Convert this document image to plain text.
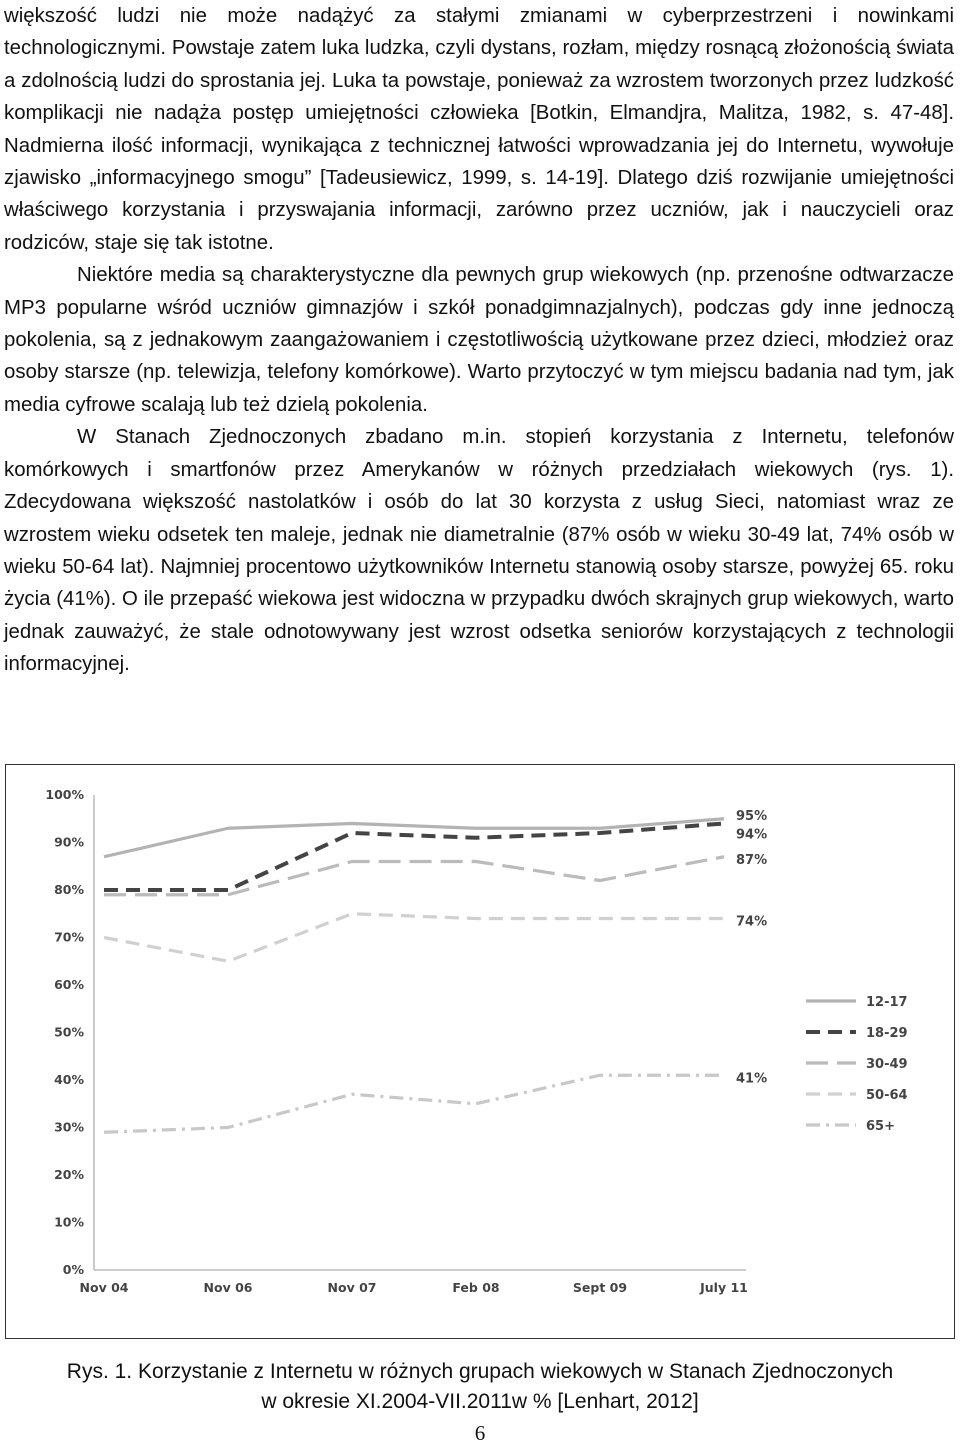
większość ludzi nie może nadążyć za stałymi zmianami w cyberprzestrzeni i nowinkami technologicznymi. Powstaje zatem luka ludzka, czyli dystans, rozłam, między rosnącą złożonością świata a zdolnością ludzi do sprostania jej. Luka ta powstaje, ponieważ za wzrostem tworzonych przez ludzkość komplikacji nie nadąża postęp umiejętności człowieka [Botkin, Elmandjra, Malitza, 1982, s. 47-48]. Nadmierna ilość informacji, wynikająca z technicznej łatwości wprowadzania jej do Internetu, wywołuje zjawisko „informacyjnego smogu” [Tadeusiewicz, 1999, s. 14-19]. Dlatego dziś rozwijanie umiejętności właściwego korzystania i przyswajania informacji, zarówno przez uczniów, jak i nauczycieli oraz rodziców, staje się tak istotne.

Niektóre media są charakterystyczne dla pewnych grup wiekowych (np. przenośne odtwarzacze MP3 popularne wśród uczniów gimnazjów i szkół ponadgimnazjalnych), podczas gdy inne jednoczą pokolenia, są z jednakowym zaangażowaniem i częstotliwością użytkowane przez dzieci, młodzież oraz osoby starsze (np. telewizja, telefony komórkowe). Warto przytoczyć w tym miejscu badania nad tym, jak media cyfrowe scalają lub też dzielą pokolenia.

W Stanach Zjednoczonych zbadano m.in. stopień korzystania z Internetu, telefonów komórkowych i smartfonów przez Amerykanów w różnych przedziałach wiekowych (rys. 1). Zdecydowana większość nastolatków i osób do lat 30 korzysta z usług Sieci, natomiast wraz ze wzrostem wieku odsetek ten maleje, jednak nie diametralnie (87% osób w wieku 30-49 lat, 74% osób w wieku 50-64 lat). Najmniej procentowo użytkowników Internetu stanowią osoby starsze, powyżej 65. roku życia (41%). O ile przepaść wiekowa jest widoczna w przypadku dwóch skrajnych grup wiekowych, warto jednak zauważyć, że stale odnotowywany jest wzrost odsetka seniorów korzystających z technologii informacyjnej.

0%
10%
20%
30%
40%
50%
60%
70%
80%
90%
100%
Nov 04	Nov 06	Nov 07	Feb 08	Sept 09	July 11
95%
94%
87%
74%
41%
12-17
18-29
30-49
50-64
65+
Rys. 1. Korzystanie z Internetu w różnych grupach wiekowych w Stanach Zjednoczonych
w okresie XI.2004-VII.2011w % [Lenhart, 2012]
6
